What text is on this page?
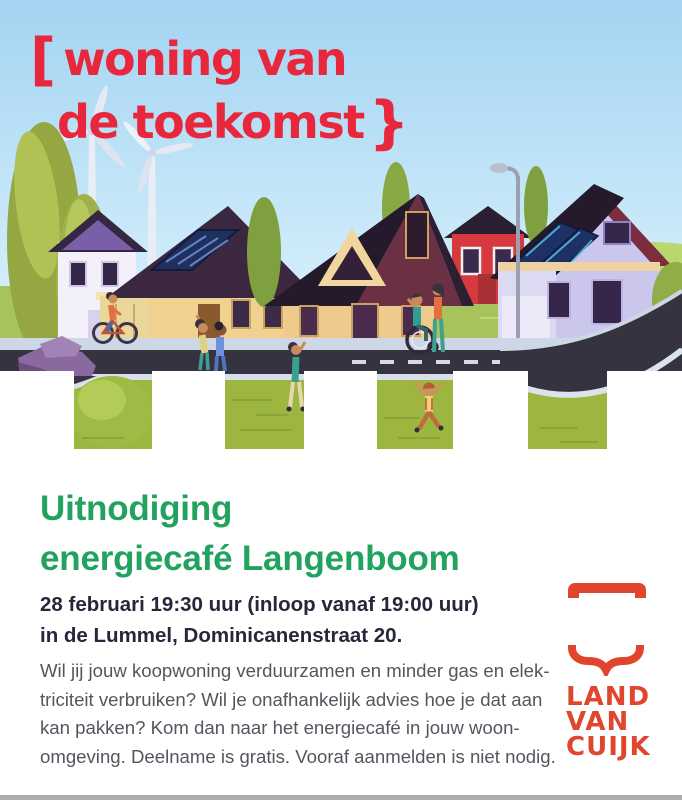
[ woning van
de toekomst}
Uitnodiging
energiecafé Langenboom

28 februari 19:30 uur (inloop vanaf 19:00 uur)
in de Lummel, Dominicanenstraat 20.

Wil jij jouw koopwoning verduurzamen en minder gas en elek-
triciteit verbruiken? Wil je onafhankelijk advies hoe je dat aan
kan pakken? Kom dan naar het energiecafé in jouw woon-
omgeving. Deelname is gratis. Vooraf aanmelden is niet nodig.

LAND
VAN
CUIJK
